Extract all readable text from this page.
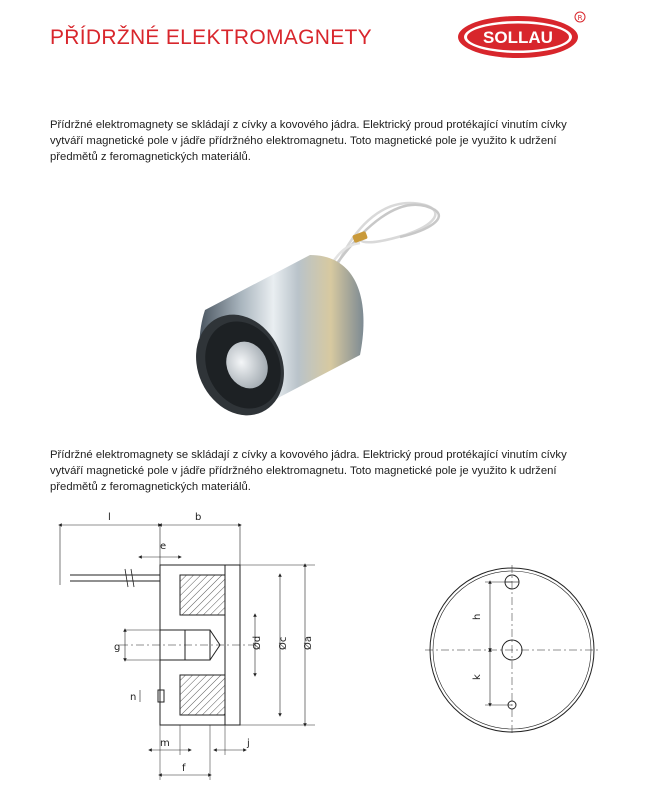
PŘÍDRŽNÉ ELEKTROMAGNETY	SOLLAU
R

Přídržné elektromagnety se skládají z cívky a kovového jádra. Elektrický proud protékající vinutím cívky vytváří magnetické pole v jádře přídržného elektromagnetu. Toto magnetické pole je využito k udržení předmětů z feromagnetických materiálů.

Přídržné elektromagnety se skládají z cívky a kovového jádra. Elektrický proud protékající vinutím cívky vytváří magnetické pole v jádře přídržného elektromagnetu. Toto magnetické pole je využito k udržení předmětů z feromagnetických materiálů.

l	b
e
g
n
m
f
j
Ød Øc Øa
h
k
